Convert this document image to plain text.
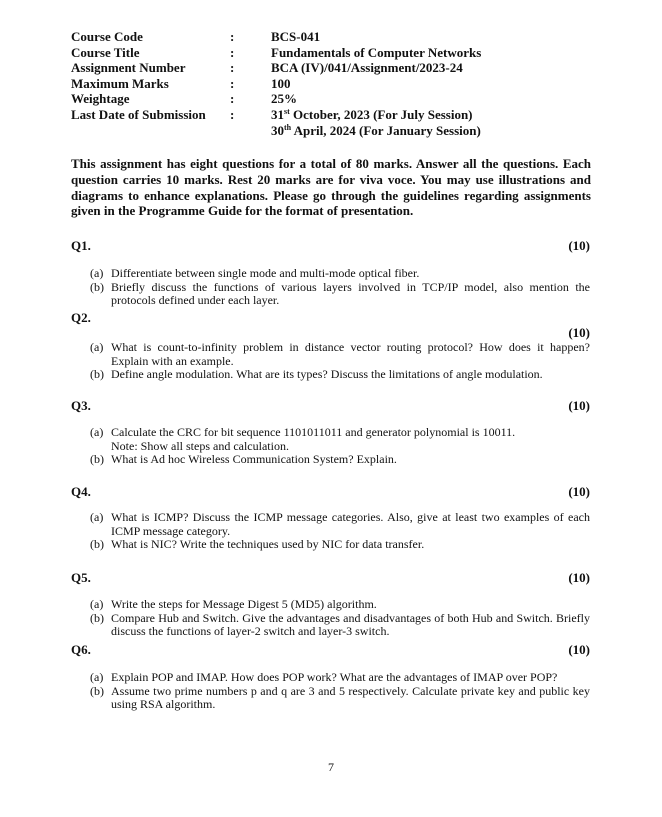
Course Code	:	BCS-041
Course Title	:	Fundamentals of Computer Networks
Assignment Number	:	BCA (IV)/041/Assignment/2023-24
Maximum Marks	:	100
Weightage	:	25%
Last Date of Submission	:	31st October, 2023 (For July Session)
30th April, 2024 (For January Session)

This assignment has eight questions for a total of 80 marks. Answer all the questions. Each question carries 10 marks. Rest 20 marks are for viva voce. You may use illustrations and diagrams to enhance explanations. Please go through the guidelines regarding assignments given in the Programme Guide for the format of presentation.

Q1.	(10)
(a) Differentiate between single mode and multi-mode optical fiber.
(b) Briefly discuss the functions of various layers involved in TCP/IP model, also mention the protocols defined under each layer.
Q2.
(10)
(a) What is count-to-infinity problem in distance vector routing protocol? How does it happen? Explain with an example.
(b) Define angle modulation. What are its types? Discuss the limitations of angle modulation.
Q3.	(10)
(a) Calculate the CRC for bit sequence 1101011011 and generator polynomial is 10011.
Note: Show all steps and calculation.
(b) What is Ad hoc Wireless Communication System? Explain.
Q4.	(10)
(a) What is ICMP? Discuss the ICMP message categories. Also, give at least two examples of each ICMP message category.
(b) What is NIC? Write the techniques used by NIC for data transfer.
Q5.	(10)
(a) Write the steps for Message Digest 5 (MD5) algorithm.
(b) Compare Hub and Switch. Give the advantages and disadvantages of both Hub and Switch. Briefly discuss the functions of layer-2 switch and layer-3 switch.
Q6.	(10)
(a) Explain POP and IMAP. How does POP work? What are the advantages of IMAP over POP?
(b) Assume two prime numbers p and q are 3 and 5 respectively. Calculate private key and public key using RSA algorithm.
7
